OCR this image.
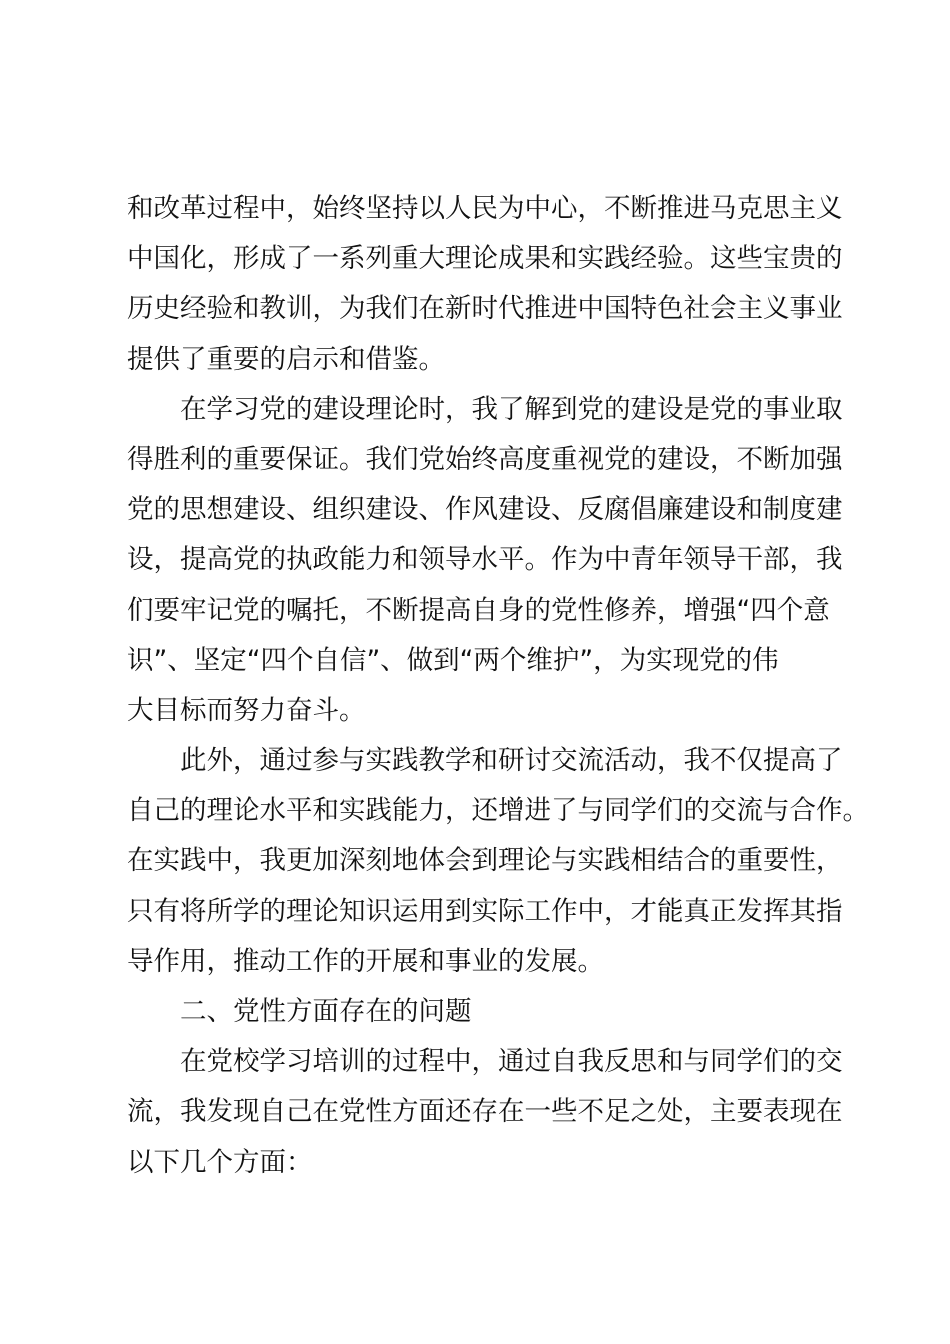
和改革过程中，始终坚持以人民为中心，不断推进马克思主义
中国化，形成了一系列重大理论成果和实践经验。这些宝贵的
历史经验和教训，为我们在新时代推进中国特色社会主义事业
提供了重要的启示和借鉴。
在学习党的建设理论时，我了解到党的建设是党的事业取
得胜利的重要保证。我们党始终高度重视党的建设，不断加强
党的思想建设、组织建设、作风建设、反腐倡廉建设和制度建
设，提高党的执政能力和领导水平。作为中青年领导干部，我
们要牢记党的嘱托，不断提高自身的党性修养，增强“四个意
识”、坚定“四个自信”、做到“两个维护”，为实现党的伟
大目标而努力奋斗。
此外，通过参与实践教学和研讨交流活动，我不仅提高了
自己的理论水平和实践能力，还增进了与同学们的交流与合作。
在实践中，我更加深刻地体会到理论与实践相结合的重要性，
只有将所学的理论知识运用到实际工作中，才能真正发挥其指
导作用，推动工作的开展和事业的发展。
二、党性方面存在的问题
在党校学习培训的过程中，通过自我反思和与同学们的交
流，我发现自己在党性方面还存在一些不足之处，主要表现在
以下几个方面：
